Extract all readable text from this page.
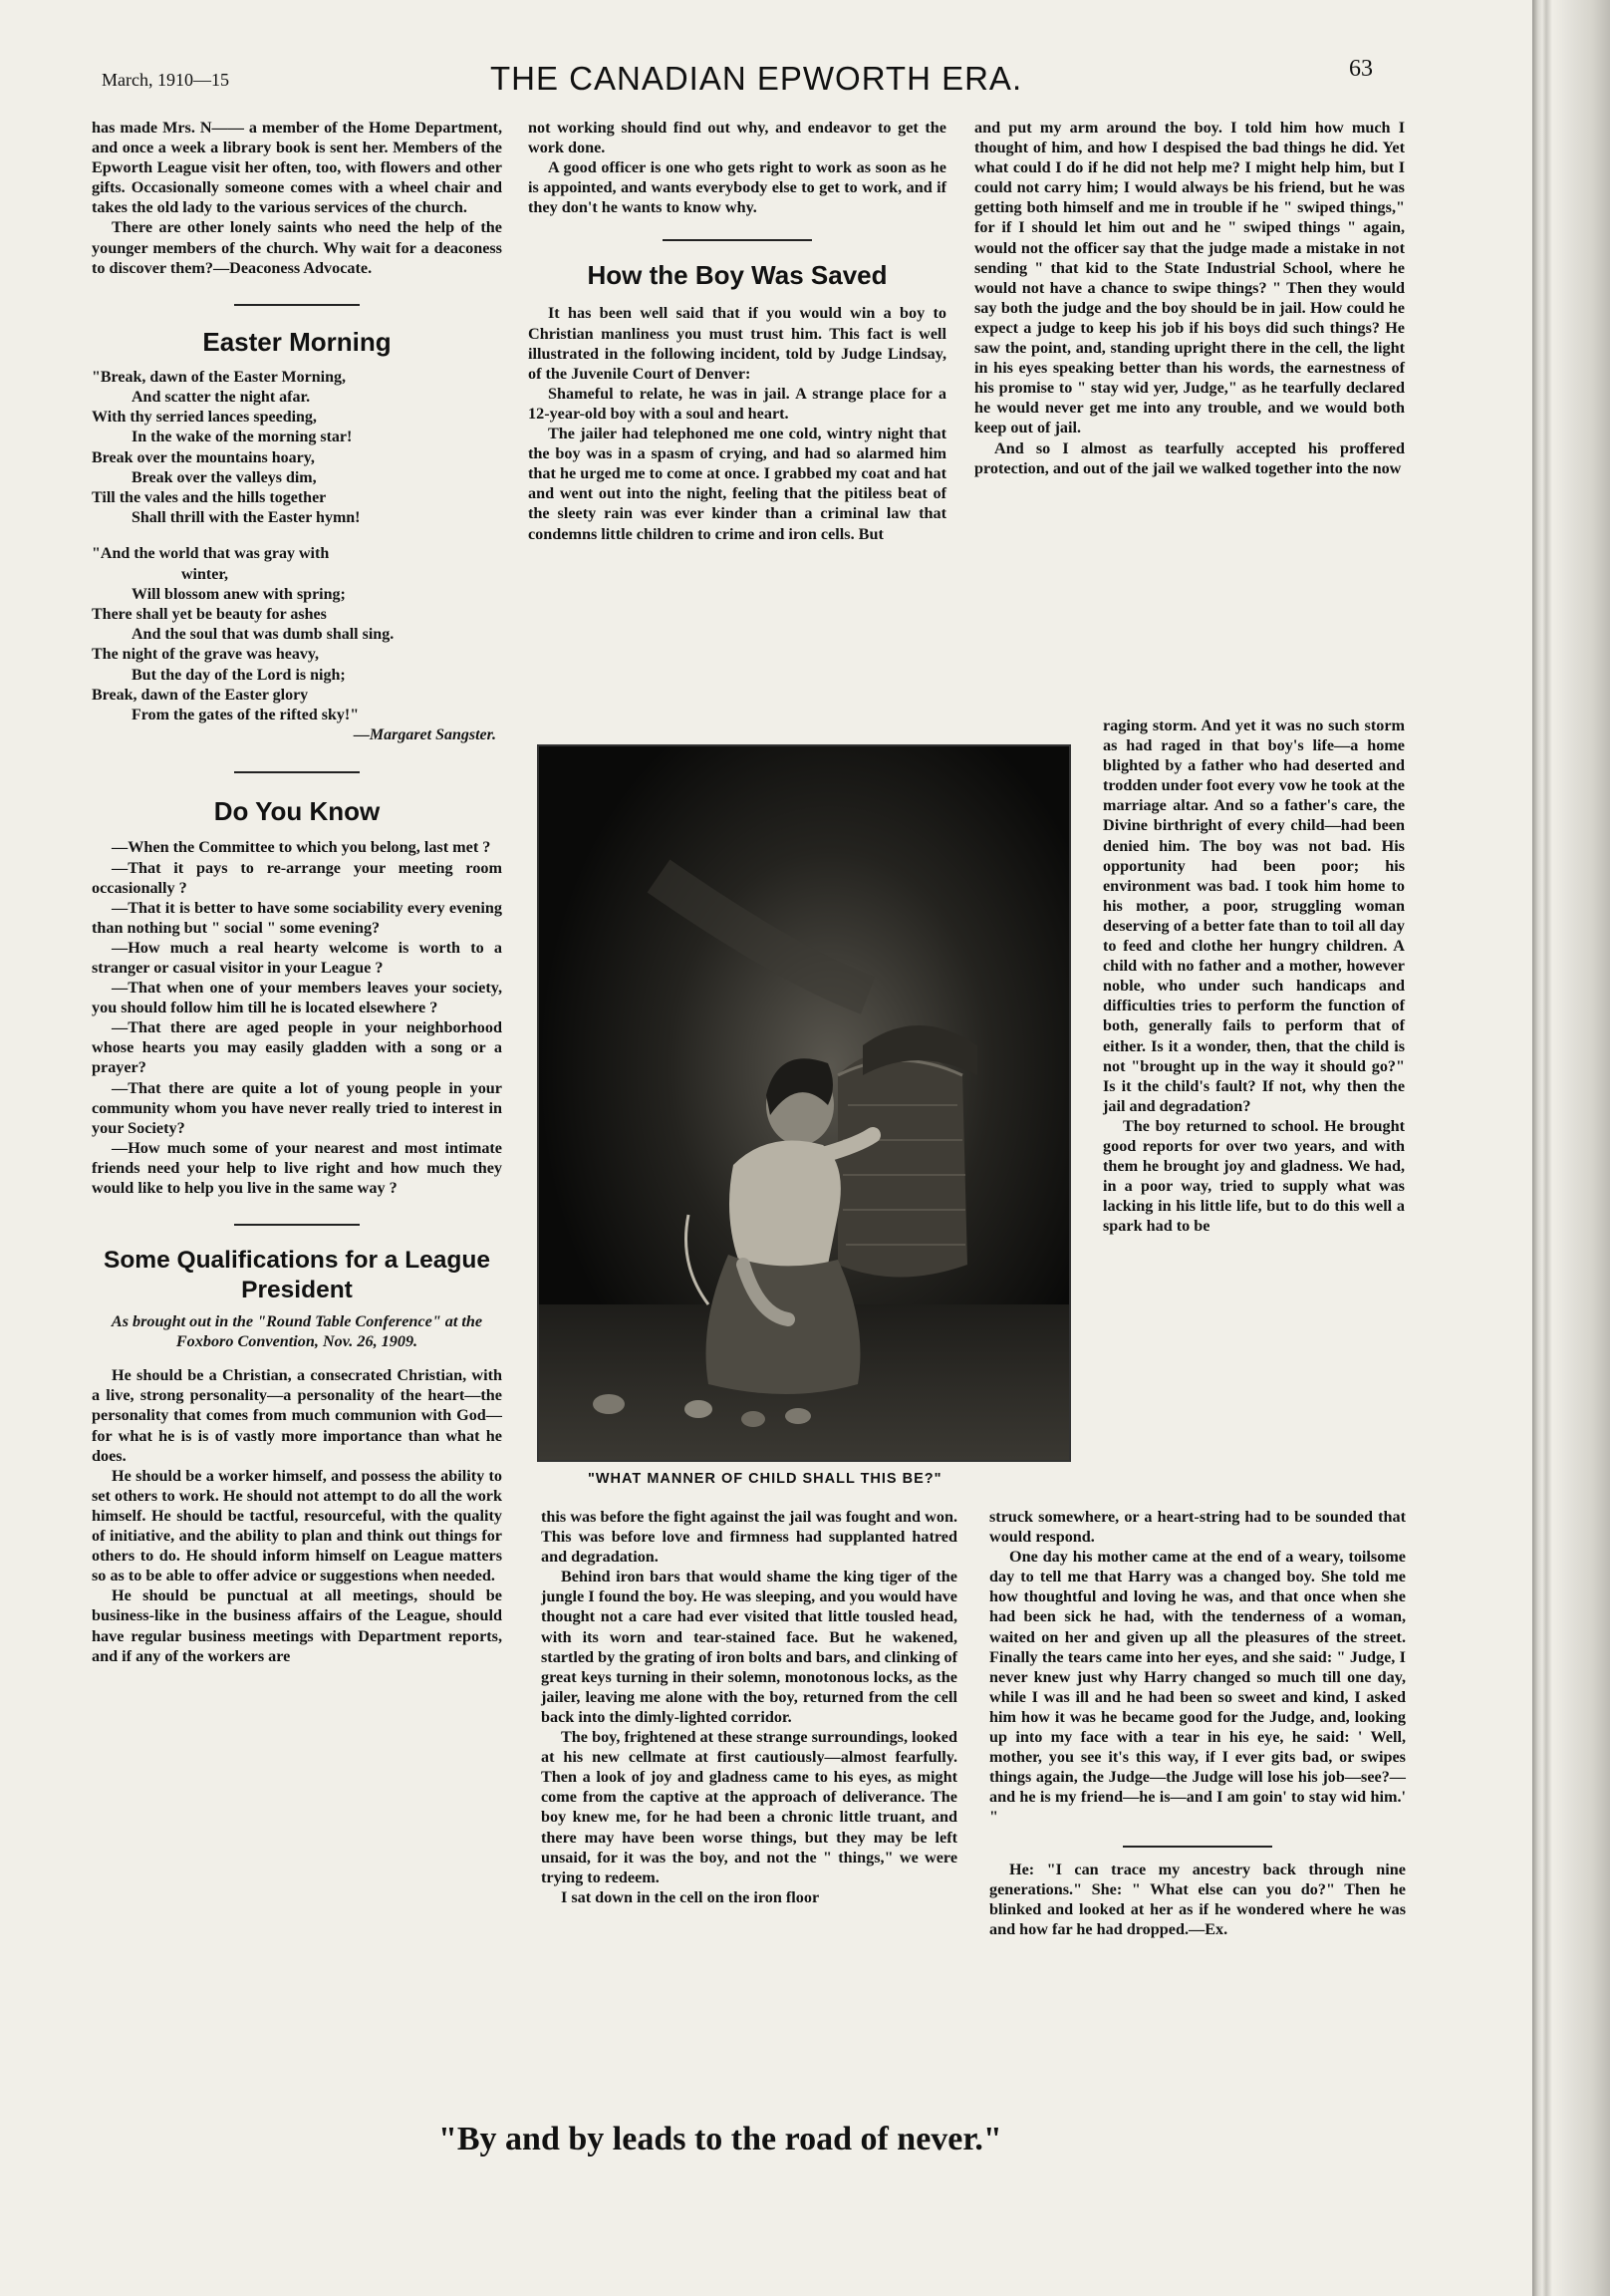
March, 1910—15	THE CANADIAN EPWORTH ERA.	63

has made Mrs. N—— a member of the Home Department, and once a week a library book is sent her. Members of the Epworth League visit her often, too, with flowers and other gifts. Occasionally someone comes with a wheel chair and takes the old lady to the various services of the church.

There are other lonely saints who need the help of the younger members of the church. Why wait for a deaconess to discover them?—Deaconess Advocate.

Easter Morning
"Break, dawn of the Easter Morning,
And scatter the night afar.
With thy serried lances speeding,
In the wake of the morning star!
Break over the mountains hoary,
Break over the valleys dim,
Till the vales and the hills together
Shall thrill with the Easter hymn!
"And the world that was gray with
winter,
Will blossom anew with spring;
There shall yet be beauty for ashes
And the soul that was dumb shall sing.
The night of the grave was heavy,
But the day of the Lord is nigh;
Break, dawn of the Easter glory
From the gates of the rifted sky!"
—Margaret Sangster.
Do You Know

—When the Committee to which you belong, last met ?

—That it pays to re-arrange your meeting room occasionally ?

—That it is better to have some sociability every evening than nothing but " social " some evening?

—How much a real hearty welcome is worth to a stranger or casual visitor in your League ?

—That when one of your members leaves your society, you should follow him till he is located elsewhere ?

—That there are aged people in your neighborhood whose hearts you may easily gladden with a song or a prayer?

—That there are quite a lot of young people in your community whom you have never really tried to interest in your Society?

—How much some of your nearest and most intimate friends need your help to live right and how much they would like to help you live in the same way ?

Some Qualifications for a League
President
As brought out in the "Round Table Conference" at the Foxboro Convention, Nov. 26, 1909.

He should be a Christian, a consecrated Christian, with a live, strong personality—a personality of the heart—the personality that comes from much communion with God—for what he is is of vastly more importance than what he does.

He should be a worker himself, and possess the ability to set others to work. He should not attempt to do all the work himself. He should be tactful, resourceful, with the quality of initiative, and the ability to plan and think out things for others to do. He should inform himself on League matters so as to be able to offer advice or suggestions when needed.

He should be punctual at all meetings, should be business-like in the business affairs of the League, should have regular business meetings with Department reports, and if any of the workers are

not working should find out why, and endeavor to get the work done.

A good officer is one who gets right to work as soon as he is appointed, and wants everybody else to get to work, and if they don't he wants to know why.

How the Boy Was Saved

It has been well said that if you would win a boy to Christian manliness you must trust him. This fact is well illustrated in the following incident, told by Judge Lindsay, of the Juvenile Court of Denver:

Shameful to relate, he was in jail. A strange place for a 12-year-old boy with a soul and heart.

The jailer had telephoned me one cold, wintry night that the boy was in a spasm of crying, and had so alarmed him that he urged me to come at once. I grabbed my coat and hat and went out into the night, feeling that the pitiless beat of the sleety rain was ever kinder than a criminal law that condemns little children to crime and iron cells. But

and put my arm around the boy. I told him how much I thought of him, and how I despised the bad things he did. Yet what could I do if he did not help me? I might help him, but I could not carry him; I would always be his friend, but he was getting both himself and me in trouble if he " swiped things," for if I should let him out and he " swiped things " again, would not the officer say that the judge made a mistake in not sending " that kid to the State Industrial School, where he would not have a chance to swipe things? " Then they would say both the judge and the boy should be in jail. How could he expect a judge to keep his job if his boys did such things? He saw the point, and, standing upright there in the cell, the light in his eyes speaking better than his words, the earnestness of his promise to " stay wid yer, Judge," as he tearfully declared he would never get me into any trouble, and we would both keep out of jail.

And so I almost as tearfully accepted his proffered protection, and out of the jail we walked together into the now

raging storm. And yet it was no such storm as had raged in that boy's life—a home blighted by a father who had deserted and trodden under foot every vow he took at the marriage altar. And so a father's care, the Divine birthright of every child—had been denied him. The boy was not bad. His opportunity had been poor; his environment was bad. I took him home to his mother, a poor, struggling woman deserving of a better fate than to toil all day to feed and clothe her hungry children. A child with no father and a mother, however noble, who under such handicaps and difficulties tries to perform the function of both, generally fails to perform that of either. Is it a wonder, then, that the child is not "brought up in the way it should go?" Is it the child's fault? If not, why then the jail and degradation?

The boy returned to school. He brought good reports for over two years, and with them he brought joy and gladness. We had, in a poor way, tried to supply what was lacking in his little life, but to do this well a spark had to be

"WHAT MANNER OF CHILD SHALL THIS BE?"

this was before the fight against the jail was fought and won. This was before love and firmness had supplanted hatred and degradation.

Behind iron bars that would shame the king tiger of the jungle I found the boy. He was sleeping, and you would have thought not a care had ever visited that little tousled head, with its worn and tear-stained face. But he wakened, startled by the grating of iron bolts and bars, and clinking of great keys turning in their solemn, monotonous locks, as the jailer, leaving me alone with the boy, returned from the cell back into the dimly-lighted corridor.

The boy, frightened at these strange surroundings, looked at his new cellmate at first cautiously—almost fearfully. Then a look of joy and gladness came to his eyes, as might come from the captive at the approach of deliverance. The boy knew me, for he had been a chronic little truant, and there may have been worse things, but they may be left unsaid, for it was the boy, and not the " things," we were trying to redeem.

I sat down in the cell on the iron floor

struck somewhere, or a heart-string had to be sounded that would respond.

One day his mother came at the end of a weary, toilsome day to tell me that Harry was a changed boy. She told me how thoughtful and loving he was, and that once when she had been sick he had, with the tenderness of a woman, waited on her and given up all the pleasures of the street. Finally the tears came into her eyes, and she said: " Judge, I never knew just why Harry changed so much till one day, while I was ill and he had been so sweet and kind, I asked him how it was he became good for the Judge, and, looking up into my face with a tear in his eye, he said: ' Well, mother, you see it's this way, if I ever gits bad, or swipes things again, the Judge—the Judge will lose his job—see?—and he is my friend—he is—and I am goin' to stay wid him.' "

He: "I can trace my ancestry back through nine generations." She: " What else can you do?" Then he blinked and looked at her as if he wondered where he was and how far he had dropped.—Ex.

"By and by leads to the road of never."
